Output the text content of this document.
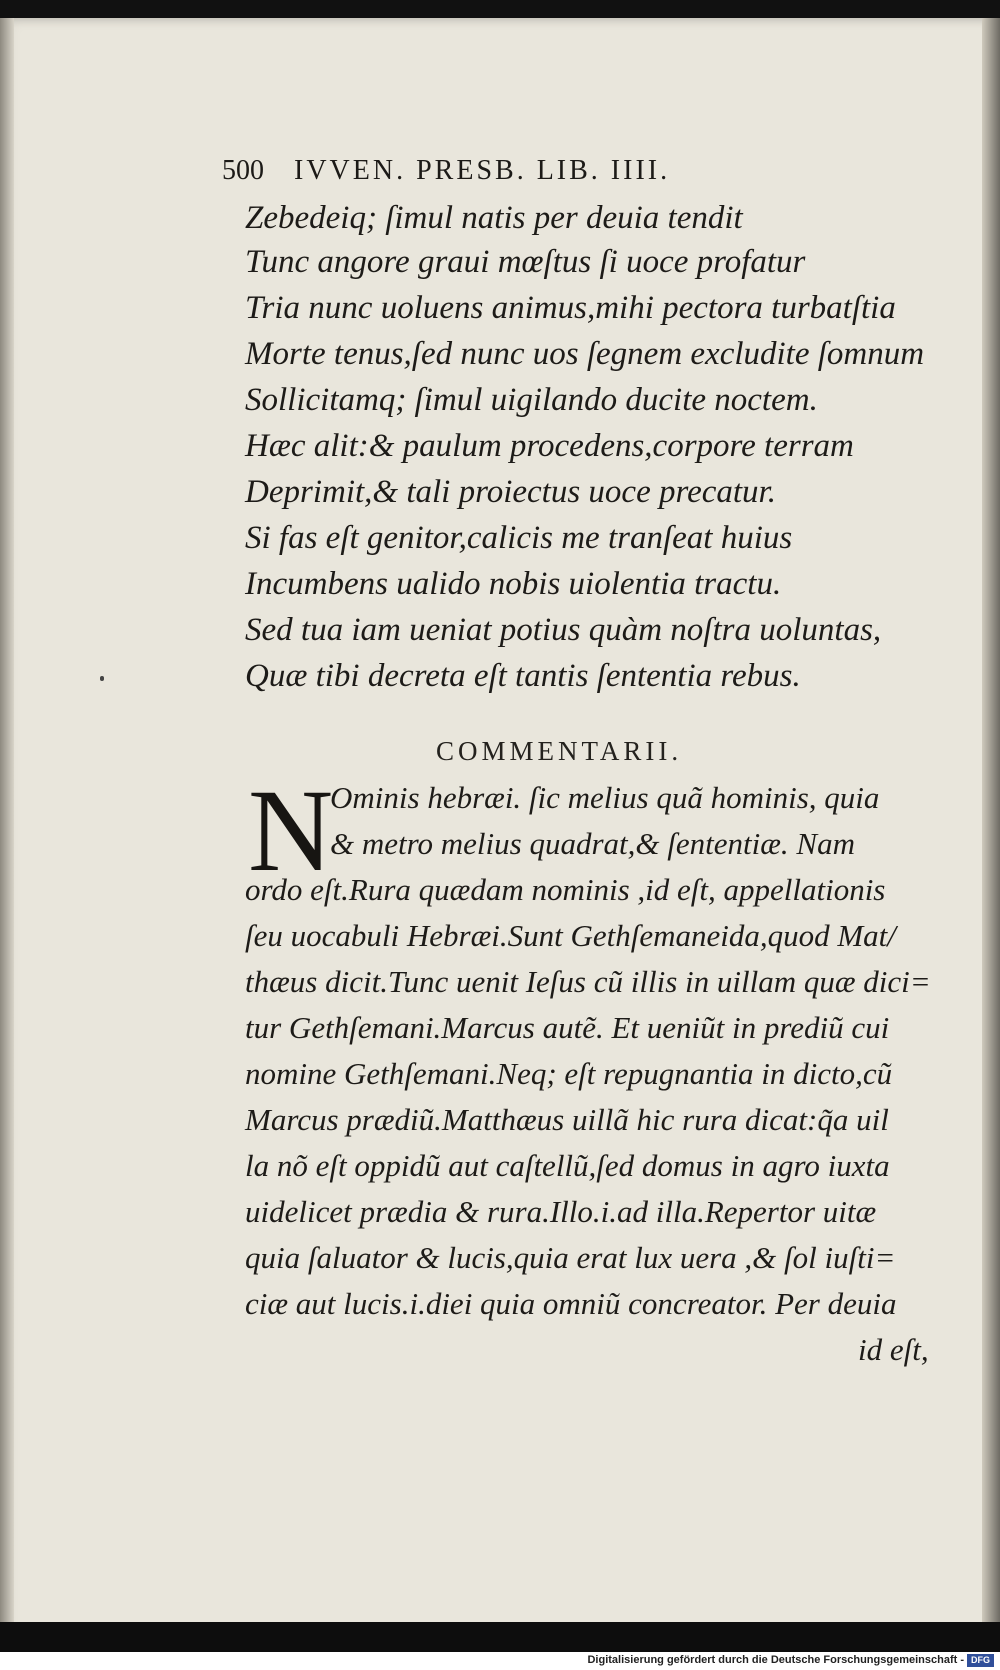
500 IVVEN. PRESB. LIB. IIII.
Zebedeiq; ſimul natis per deuia tendit
Tunc angore graui mœſtus ſi uoce profatur
Tria nunc uoluens animus,mihi pectora turbatſtia
Morte tenus,ſed nunc uos ſegnem excludite ſomnum
Sollicitamq; ſimul uigilando ducite noctem.
Hæc alit:& paulum procedens,corpore terram
Deprimit,& tali proiectus uoce precatur.
Si fas eſt genitor,calicis me tranſeat huius
Incumbens ualido nobis uiolentia tractu.
Sed tua iam ueniat potius quàm noſtra uoluntas,
Quæ tibi decreta eſt tantis ſententia rebus.
COMMENTARII.
N
Ominis hebræi. ſic melius quã hominis, quia
& metro melius quadrat,& ſententiæ. Nam
ordo eſt.Rura quædam nominis ,id eſt, appellationis
ſeu uocabuli Hebræi.Sunt Gethſemaneida,quod Mat/
thæus dicit.Tunc uenit Ieſus cũ illis in uillam quæ dici=
tur Gethſemani.Marcus autẽ. Et ueniũt in prediũ cui
nomine Gethſemani.Neq; eſt repugnantia in dicto,cũ
Marcus prædiũ.Matthæus uillã hic rura dicat:q̃a uil
la nõ eſt oppidũ aut caſtellũ,ſed domus in agro iuxta
uidelicet prædia & rura.Illo.i.ad illa.Repertor uitæ
quia ſaluator & lucis,quia erat lux uera ,& ſol iuſti=
ciæ aut lucis.i.diei quia omniũ concreator. Per deuia
id eſt,
Digitalisierung gefördert durch die Deutsche Forschungsgemeinschaft - DFG
